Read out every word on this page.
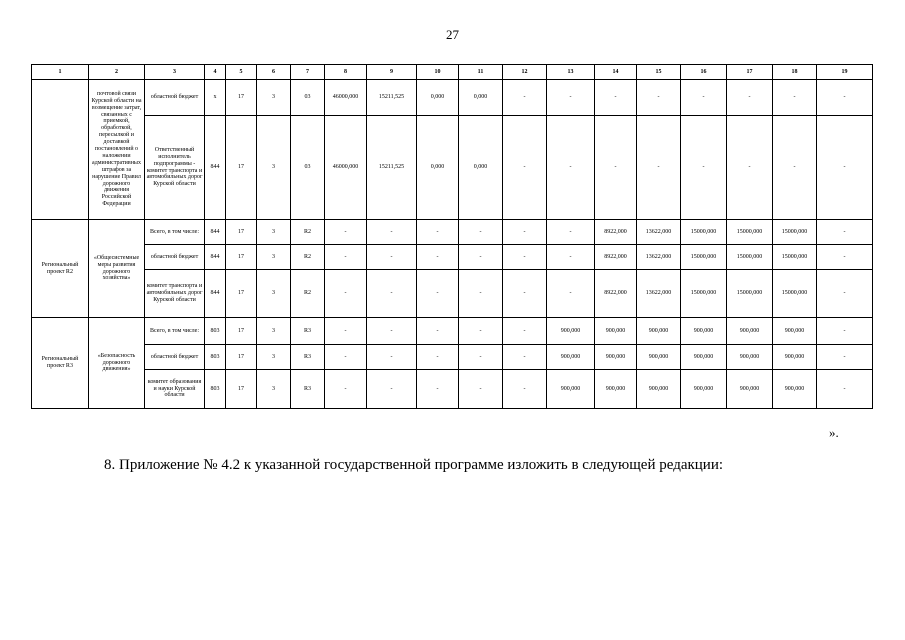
27
1	2	3	4	5	6	7	8	9	10	11	12	13	14	15	16	17	18	19
	почтовой связи Курской области на возмещение затрат, связанных с приемкой, обработкой, пересылкой и доставкой постановлений о наложении административных штрафов за нарушение Правил дорожного движения Российской Федерации	областной бюджет	х	17	3	03	46000,000	15211,525	0,000	0,000	-	-	-	-	-	-	-	-
		Ответственный исполнитель подпрограммы - комитет транспорта и автомобильных дорог Курской области	844	17	3	03	46000,000	15211,525	0,000	0,000	-	-	-	-	-	-	-	-
Региональный проект R2	«Общесистемные меры развития дорожного хозяйства»	Всего, в том числе:	844	17	3	R2	-	-	-	-	-	-	8922,000	13622,000	15000,000	15000,000	15000,000	-
		областной бюджет	844	17	3	R2	-	-	-	-	-	-	8922,000	13622,000	15000,000	15000,000	15000,000	-
		комитет транспорта и автомобильных дорог Курской области	844	17	3	R2	-	-	-	-	-	-	8922,000	13622,000	15000,000	15000,000	15000,000	-
Региональный проект R3	«Безопасность дорожного движения»	Всего, в том числе:	803	17	3	R3	-	-	-	-	-	900,000	900,000	900,000	900,000	900,000	900,000	-
		областной бюджет	803	17	3	R3	-	-	-	-	-	900,000	900,000	900,000	900,000	900,000	900,000	-
		комитет образования и науки Курской области	803	17	3	R3	-	-	-	-	-	900,000	900,000	900,000	900,000	900,000	900,000	-
».
8. Приложение № 4.2 к указанной государственной программе изложить в следующей редакции:
